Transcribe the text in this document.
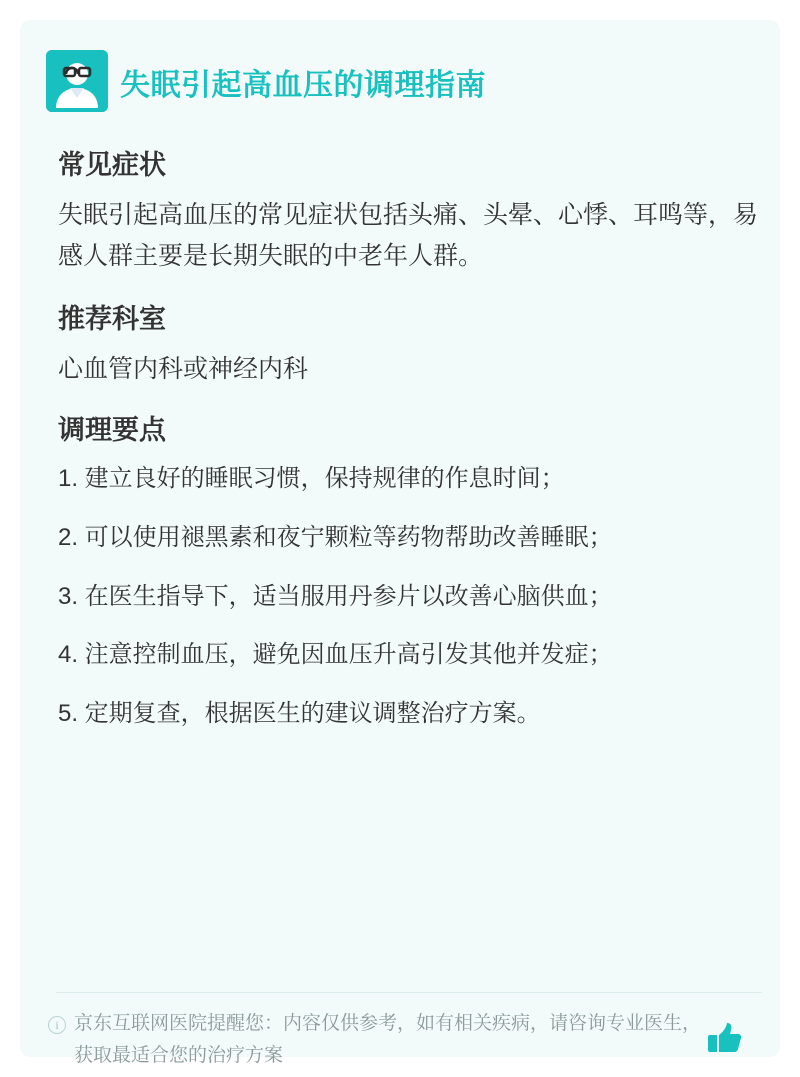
失眠引起高血压的调理指南
常见症状

失眠引起高血压的常见症状包括头痛、头晕、心悸、耳鸣等，易感人群主要是长期失眠的中老年人群。

推荐科室

心血管内科或神经内科

调理要点
1. 建立良好的睡眠习惯，保持规律的作息时间；
2. 可以使用褪黑素和夜宁颗粒等药物帮助改善睡眠；
3. 在医生指导下，适当服用丹参片以改善心脑供血；
4. 注意控制血压，避免因血压升高引发其他并发症；
5. 定期复查，根据医生的建议调整治疗方案。
i 京东互联网医院提醒您：内容仅供参考，如有相关疾病，请咨询专业医生，获取最适合您的治疗方案
